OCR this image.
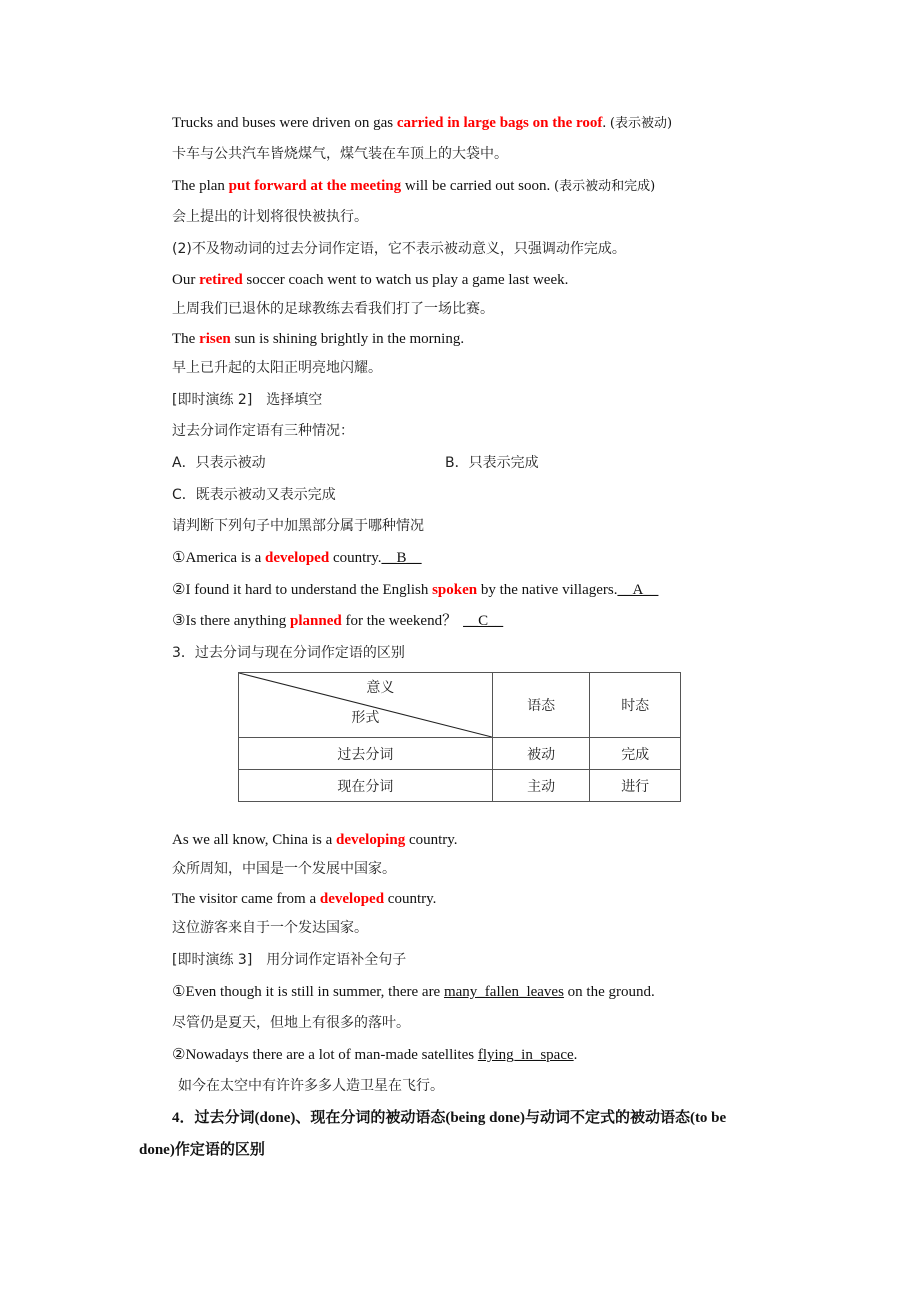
Trucks and buses were driven on gas carried in large bags on the roof. (表示被动)
卡车与公共汽车皆烧煤气，煤气装在车顶上的大袋中。
The plan put forward at the meeting will be carried out soon. (表示被动和完成)
会上提出的计划将很快被执行。
(2)不及物动词的过去分词作定语，它不表示被动意义，只强调动作完成。
Our retired soccer coach went to watch us play a game last week.
上周我们已退休的足球教练去看我们打了一场比赛。
The risen sun is shining brightly in the morning.
早上已升起的太阳正明亮地闪耀。
[即时演练 2]　选择填空
过去分词作定语有三种情况：
A．只表示被动	B．只表示完成
C．既表示被动又表示完成
请判断下列句子中加黑部分属于哪种情况
①America is a developed country.__B__
②I found it hard to understand the English spoken by the native villagers.__A__
③Is there anything planned for the weekend？ __C__
3．过去分词与现在分词作定语的区别
意义
形式	语态	时态
过去分词	被动	完成
现在分词	主动	进行
As we all know, China is a developing country.
众所周知，中国是一个发展中国家。
The visitor came from a developed country.
这位游客来自于一个发达国家。
[即时演练 3]　用分词作定语补全句子
①Even though it is still in summer, there are many_fallen_leaves on the ground.
尽管仍是夏天，但地上有很多的落叶。
②Nowadays there are a lot of man-made satellites flying_in_space.
如今在太空中有许许多多人造卫星在飞行。
4．过去分词(done)、现在分词的被动语态(being done)与动词不定式的被动语态(to be
done)作定语的区别
